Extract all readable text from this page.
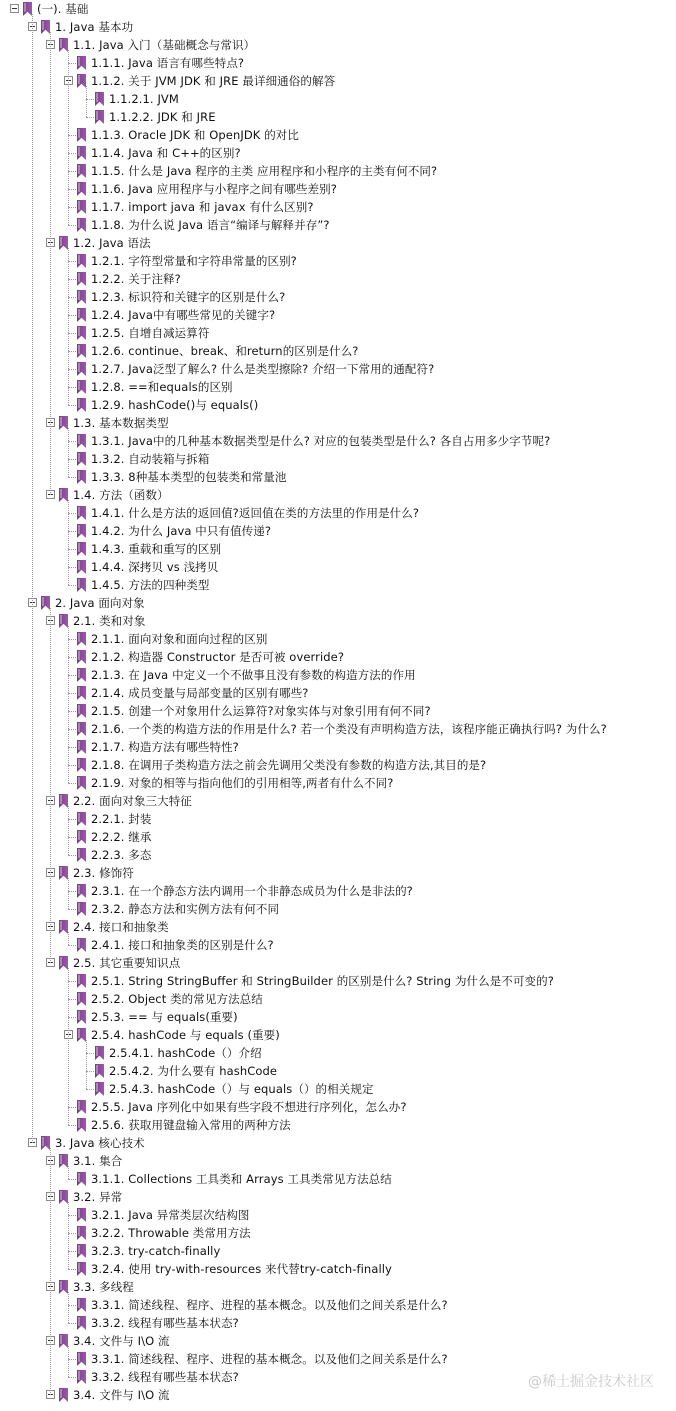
(一). 基础
1. Java 基本功
1.1. Java 入门（基础概念与常识）
1.1.1. Java 语言有哪些特点?
1.1.2. 关于 JVM JDK 和 JRE 最详细通俗的解答
1.1.2.1. JVM
1.1.2.2. JDK 和 JRE
1.1.3. Oracle JDK 和 OpenJDK 的对比
1.1.4. Java 和 C++的区别?
1.1.5. 什么是 Java 程序的主类 应用程序和小程序的主类有何不同?
1.1.6. Java 应用程序与小程序之间有哪些差别?
1.1.7. import java 和 javax 有什么区别?
1.1.8. 为什么说 Java 语言“编译与解释并存”?
1.2. Java 语法
1.2.1. 字符型常量和字符串常量的区别?
1.2.2. 关于注释?
1.2.3. 标识符和关键字的区别是什么?
1.2.4. Java中有哪些常见的关键字?
1.2.5. 自增自减运算符
1.2.6. continue、break、和return的区别是什么?
1.2.7. Java泛型了解么? 什么是类型擦除? 介绍一下常用的通配符?
1.2.8. ==和equals的区别
1.2.9. hashCode()与 equals()
1.3. 基本数据类型
1.3.1. Java中的几种基本数据类型是什么? 对应的包装类型是什么? 各自占用多少字节呢?
1.3.2. 自动装箱与拆箱
1.3.3. 8种基本类型的包装类和常量池
1.4. 方法（函数）
1.4.1. 什么是方法的返回值?返回值在类的方法里的作用是什么?
1.4.2. 为什么 Java 中只有值传递?
1.4.3. 重载和重写的区别
1.4.4. 深拷贝 vs 浅拷贝
1.4.5. 方法的四种类型
2. Java 面向对象
2.1. 类和对象
2.1.1. 面向对象和面向过程的区别
2.1.2. 构造器 Constructor 是否可被 override?
2.1.3. 在 Java 中定义一个不做事且没有参数的构造方法的作用
2.1.4. 成员变量与局部变量的区别有哪些?
2.1.5. 创建一个对象用什么运算符?对象实体与对象引用有何不同?
2.1.6. 一个类的构造方法的作用是什么? 若一个类没有声明构造方法，该程序能正确执行吗? 为什么?
2.1.7. 构造方法有哪些特性?
2.1.8. 在调用子类构造方法之前会先调用父类没有参数的构造方法,其目的是?
2.1.9. 对象的相等与指向他们的引用相等,两者有什么不同?
2.2. 面向对象三大特征
2.2.1. 封装
2.2.2. 继承
2.2.3. 多态
2.3. 修饰符
2.3.1. 在一个静态方法内调用一个非静态成员为什么是非法的?
2.3.2. 静态方法和实例方法有何不同
2.4. 接口和抽象类
2.4.1. 接口和抽象类的区别是什么?
2.5. 其它重要知识点
2.5.1. String StringBuffer 和 StringBuilder 的区别是什么? String 为什么是不可变的?
2.5.2. Object 类的常见方法总结
2.5.3. == 与 equals(重要)
2.5.4. hashCode 与 equals (重要)
2.5.4.1. hashCode（）介绍
2.5.4.2. 为什么要有 hashCode
2.5.4.3. hashCode（）与 equals（）的相关规定
2.5.5. Java 序列化中如果有些字段不想进行序列化，怎么办?
2.5.6. 获取用键盘输入常用的两种方法
3. Java 核心技术
3.1. 集合
3.1.1. Collections 工具类和 Arrays 工具类常见方法总结
3.2. 异常
3.2.1. Java 异常类层次结构图
3.2.2. Throwable 类常用方法
3.2.3. try-catch-finally
3.2.4. 使用 try-with-resources 来代替try-catch-finally
3.3. 多线程
3.3.1. 简述线程、程序、进程的基本概念。以及他们之间关系是什么?
3.3.2. 线程有哪些基本状态?
3.4. 文件与 I\O 流
3.3.1. 简述线程、程序、进程的基本概念。以及他们之间关系是什么?
3.3.2. 线程有哪些基本状态?
3.4. 文件与 I\O 流
@稀土掘金技术社区
